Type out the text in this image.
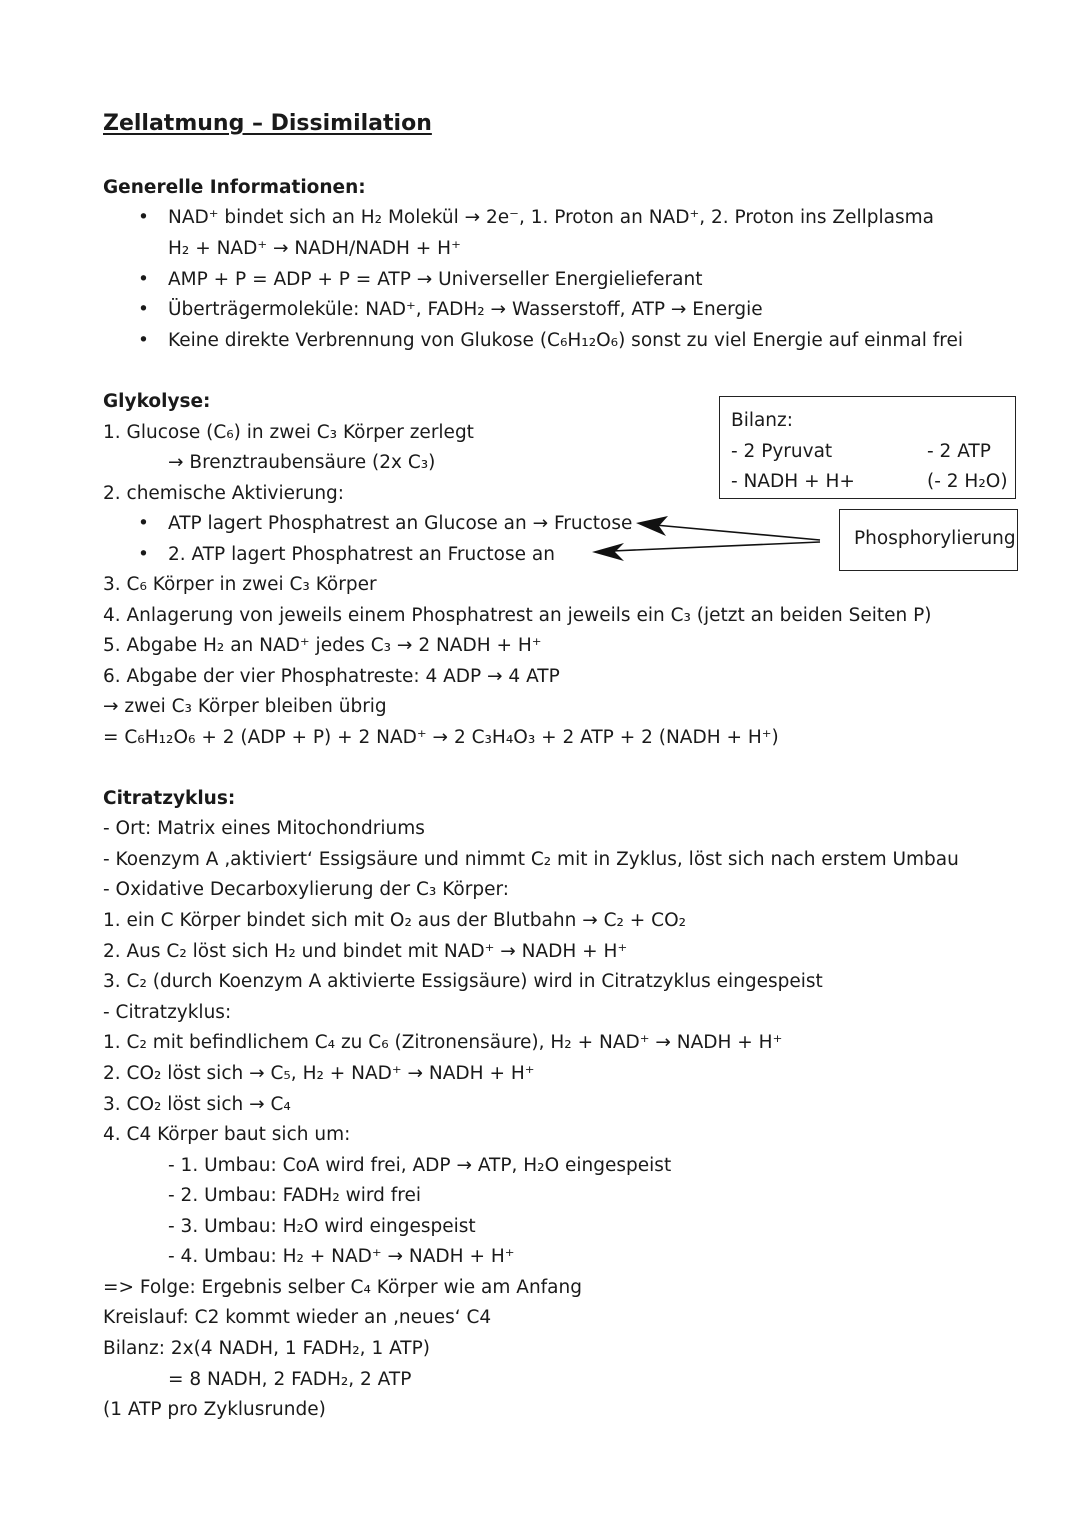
Zellatmung – Dissimilation
Generelle Informationen:
• NAD⁺ bindet sich an H₂ Molekül → 2e⁻, 1. Proton an NAD⁺, 2. Proton ins Zellplasma
H₂ + NAD⁺ → NADH/NADH + H⁺
• AMP + P = ADP + P = ATP → Universeller Energielieferant
• Überträgermoleküle: NAD⁺, FADH₂ → Wasserstoff, ATP → Energie
• Keine direkte Verbrennung von Glukose (C₆H₁₂O₆) sonst zu viel Energie auf einmal frei
Glykolyse:
1. Glucose (C₆) in zwei C₃ Körper zerlegt
→ Brenztraubensäure (2x C₃)
2. chemische Aktivierung:
• ATP lagert Phosphatrest an Glucose an → Fructose
• 2. ATP lagert Phosphatrest an Fructose an
3. C₆ Körper in zwei C₃ Körper
4. Anlagerung von jeweils einem Phosphatrest an jeweils ein C₃ (jetzt an beiden Seiten P)
5. Abgabe H₂ an NAD⁺ jedes C₃ → 2 NADH + H⁺
6. Abgabe der vier Phosphatreste: 4 ADP → 4 ATP
→ zwei C₃ Körper bleiben übrig
= C₆H₁₂O₆ + 2 (ADP + P) + 2 NAD⁺ → 2 C₃H₄O₃ + 2 ATP + 2 (NADH + H⁺)
Bilanz:
- 2 Pyruvat
- NADH + H+
- 2 ATP
(- 2 H₂O)
Phosphorylierung
Citratzyklus:
- Ort: Matrix eines Mitochondriums
- Koenzym A ‚aktiviert‘ Essigsäure und nimmt C₂ mit in Zyklus, löst sich nach erstem Umbau
- Oxidative Decarboxylierung der C₃ Körper:
1. ein C Körper bindet sich mit O₂ aus der Blutbahn → C₂ + CO₂
2. Aus C₂ löst sich H₂ und bindet mit NAD⁺ → NADH + H⁺
3. C₂ (durch Koenzym A aktivierte Essigsäure) wird in Citratzyklus eingespeist
- Citratzyklus:
1. C₂ mit befindlichem C₄ zu C₆ (Zitronensäure), H₂ + NAD⁺ → NADH + H⁺
2. CO₂ löst sich → C₅, H₂ + NAD⁺ → NADH + H⁺
3. CO₂ löst sich → C₄
4. C4 Körper baut sich um:
- 1. Umbau: CoA wird frei, ADP → ATP, H₂O eingespeist
- 2. Umbau: FADH₂ wird frei
- 3. Umbau: H₂O wird eingespeist
- 4. Umbau: H₂ + NAD⁺ → NADH + H⁺
=> Folge: Ergebnis selber C₄ Körper wie am Anfang
Kreislauf: C2 kommt wieder an ‚neues‘ C4
Bilanz: 2x(4 NADH, 1 FADH₂, 1 ATP)
= 8 NADH, 2 FADH₂, 2 ATP
(1 ATP pro Zyklusrunde)
